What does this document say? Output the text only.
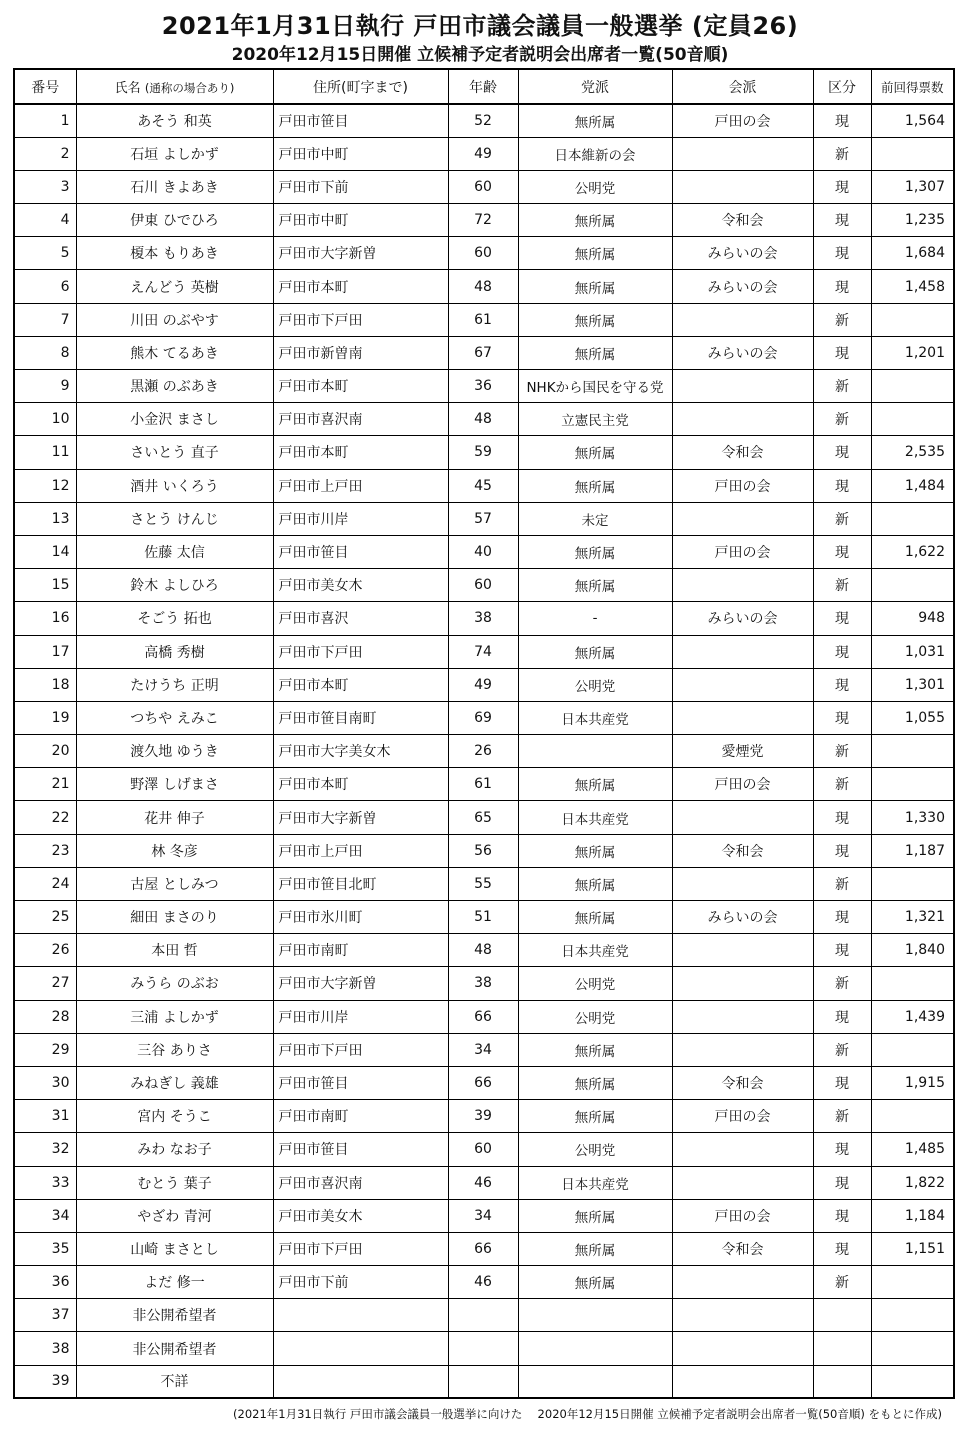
2021年1月31日執行 戸田市議会議員一般選挙 (定員26)
2020年12月15日開催 立候補予定者説明会出席者一覧(50音順)
番号	氏名 (通称の場合あり)	住所(町字まで)	年齢	党派	会派	区分	前回得票数
1	あそう 和英	戸田市笹目	52	無所属	戸田の会	現	1,564
2	石垣 よしかず	戸田市中町	49	日本維新の会		新	
3	石川 きよあき	戸田市下前	60	公明党		現	1,307
4	伊東 ひでひろ	戸田市中町	72	無所属	令和会	現	1,235
5	榎本 もりあき	戸田市大字新曽	60	無所属	みらいの会	現	1,684
6	えんどう 英樹	戸田市本町	48	無所属	みらいの会	現	1,458
7	川田 のぶやす	戸田市下戸田	61	無所属		新	
8	熊木 てるあき	戸田市新曽南	67	無所属	みらいの会	現	1,201
9	黒瀬 のぶあき	戸田市本町	36	NHKから国民を守る党		新	
10	小金沢 まさし	戸田市喜沢南	48	立憲民主党		新	
11	さいとう 直子	戸田市本町	59	無所属	令和会	現	2,535
12	酒井 いくろう	戸田市上戸田	45	無所属	戸田の会	現	1,484
13	さとう けんじ	戸田市川岸	57	未定		新	
14	佐藤 太信	戸田市笹目	40	無所属	戸田の会	現	1,622
15	鈴木 よしひろ	戸田市美女木	60	無所属		新	
16	そごう 拓也	戸田市喜沢	38	-	みらいの会	現	948
17	高橋 秀樹	戸田市下戸田	74	無所属		現	1,031
18	たけうち 正明	戸田市本町	49	公明党		現	1,301
19	つちや えみこ	戸田市笹目南町	69	日本共産党		現	1,055
20	渡久地 ゆうき	戸田市大字美女木	26		愛煙党	新	
21	野澤 しげまさ	戸田市本町	61	無所属	戸田の会	新	
22	花井 伸子	戸田市大字新曽	65	日本共産党		現	1,330
23	林 冬彦	戸田市上戸田	56	無所属	令和会	現	1,187
24	古屋 としみつ	戸田市笹目北町	55	無所属		新	
25	細田 まさのり	戸田市氷川町	51	無所属	みらいの会	現	1,321
26	本田 哲	戸田市南町	48	日本共産党		現	1,840
27	みうら のぶお	戸田市大字新曽	38	公明党		新	
28	三浦 よしかず	戸田市川岸	66	公明党		現	1,439
29	三谷 ありさ	戸田市下戸田	34	無所属		新	
30	みねぎし 義雄	戸田市笹目	66	無所属	令和会	現	1,915
31	宮内 そうこ	戸田市南町	39	無所属	戸田の会	新	
32	みわ なお子	戸田市笹目	60	公明党		現	1,485
33	むとう 葉子	戸田市喜沢南	46	日本共産党		現	1,822
34	やざわ 青河	戸田市美女木	34	無所属	戸田の会	現	1,184
35	山崎 まさとし	戸田市下戸田	66	無所属	令和会	現	1,151
36	よだ 修一	戸田市下前	46	無所属		新	
37	非公開希望者						
38	非公開希望者						
39	不詳						
(2021年1月31日執行 戸田市議会議員一般選挙に向けた　 2020年12月15日開催 立候補予定者説明会出席者一覧(50音順) をもとに作成)
